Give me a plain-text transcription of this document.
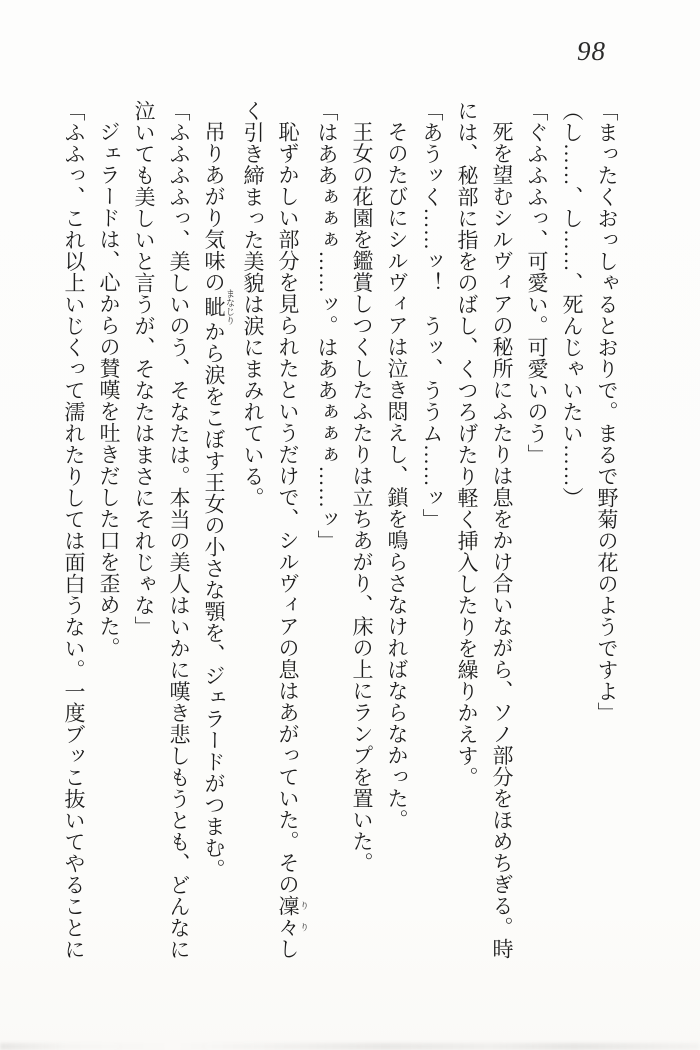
98

「まったくおっしゃるとおりで。まるで野菊の花のようですよ」

（し……、し……、死んじゃいたい……）

「ぐふふふっ、可愛い。可愛いのう」

死を望むシルヴィアの秘所にふたりは息をかけ合いながら、ソノ部分をほめちぎる。時

には、秘部に指をのばし、くつろげたり軽く挿入したりを繰りかえす。

「あうッく……ッ！　うッ、ううム……ッ」

そのたびにシルヴィアは泣き悶えし、鎖を鳴らさなければならなかった。

王女の花園を鑑賞しつくしたふたりは立ちあがり、床の上にランプを置いた。

「はああぁぁぁ……ッ。はああぁぁぁ……ッ」

恥ずかしい部分を見られたというだけで、シルヴィアの息はあがっていた。その凜々 りりし

く引き締まった美貌は涙にまみれている。

吊りあがり気味の眦 まなじりから涙をこぼす王女の小さな顎を、ジェラードがつまむ。

「ふふふふっ、美しいのう、そなたは。本当の美人はいかに嘆き悲しもうとも、どんなに

泣いても美しいと言うが、そなたはまさにそれじゃな」

ジェラードは、心からの賛嘆を吐きだした口を歪めた。

「ふふっ、これ以上いじくって濡れたりしては面白うない。一度ブッこ抜いてやることに
